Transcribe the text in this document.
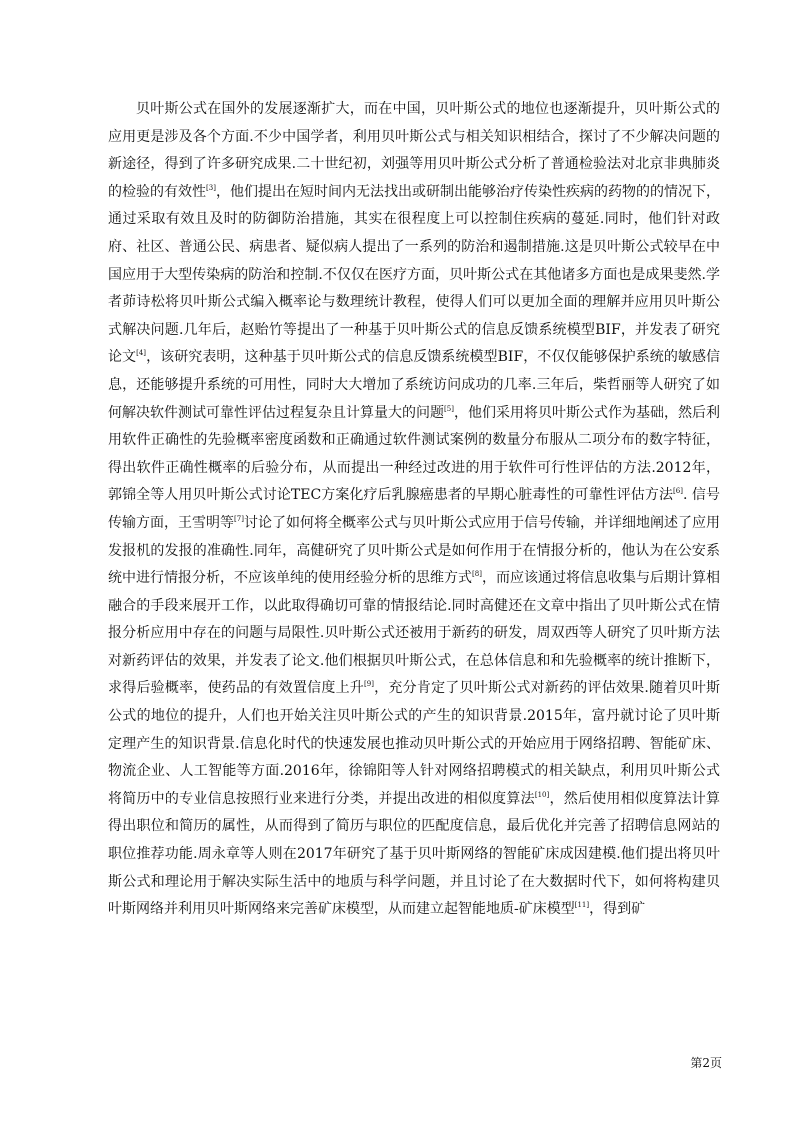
贝叶斯公式在国外的发展逐渐扩大，而在中国，贝叶斯公式的地位也逐渐提升，贝叶斯公式的应用更是涉及各个方面.不少中国学者，利用贝叶斯公式与相关知识相结合，探讨了不少解决问题的新途径，得到了许多研究成果.二十世纪初，刘强等用贝叶斯公式分析了普通检验法对北京非典肺炎的检验的有效性[3]，他们提出在短时间内无法找出或研制出能够治疗传染性疾病的药物的的情况下，通过采取有效且及时的防御防治措施，其实在很程度上可以控制住疾病的蔓延.同时，他们针对政府、社区、普通公民、病患者、疑似病人提出了一系列的防治和遏制措施.这是贝叶斯公式较早在中国应用于大型传染病的防治和控制.不仅仅在医疗方面，贝叶斯公式在其他诸多方面也是成果斐然.学者茆诗松将贝叶斯公式编入概率论与数理统计教程，使得人们可以更加全面的理解并应用贝叶斯公式解决问题.几年后，赵贻竹等提出了一种基于贝叶斯公式的信息反馈系统模型BIF，并发表了研究论文[4]，该研究表明，这种基于贝叶斯公式的信息反馈系统模型BIF，不仅仅能够保护系统的敏感信息，还能够提升系统的可用性，同时大大增加了系统访问成功的几率.三年后，柴哲丽等人研究了如何解决软件测试可靠性评估过程复杂且计算量大的问题[5]，他们采用将贝叶斯公式作为基础，然后利用软件正确性的先验概率密度函数和正确通过软件测试案例的数量分布服从二项分布的数字特征，得出软件正确性概率的后验分布，从而提出一种经过改进的用于软件可行性评估的方法.2012年，郭锦全等人用贝叶斯公式讨论TEC方案化疗后乳腺癌患者的早期心脏毒性的可靠性评估方法[6]. 信号传输方面，王雪明等[7]讨论了如何将全概率公式与贝叶斯公式应用于信号传输，并详细地阐述了应用发报机的发报的准确性.同年，高健研究了贝叶斯公式是如何作用于在情报分析的，他认为在公安系统中进行情报分析，不应该单纯的使用经验分析的思维方式[8]，而应该通过将信息收集与后期计算相融合的手段来展开工作，以此取得确切可靠的情报结论.同时高健还在文章中指出了贝叶斯公式在情报分析应用中存在的问题与局限性.贝叶斯公式还被用于新药的研发，周双西等人研究了贝叶斯方法对新药评估的效果，并发表了论文.他们根据贝叶斯公式，在总体信息和和先验概率的统计推断下，求得后验概率，使药品的有效置信度上升[9]，充分肯定了贝叶斯公式对新药的评估效果.随着贝叶斯公式的地位的提升，人们也开始关注贝叶斯公式的产生的知识背景.2015年，富丹就讨论了贝叶斯定理产生的知识背景.信息化时代的快速发展也推动贝叶斯公式的开始应用于网络招聘、智能矿床、物流企业、人工智能等方面.2016年，徐锦阳等人针对网络招聘模式的相关缺点，利用贝叶斯公式将简历中的专业信息按照行业来进行分类，并提出改进的相似度算法[10]，然后使用相似度算法计算得出职位和简历的属性，从而得到了简历与职位的匹配度信息，最后优化并完善了招聘信息网站的职位推荐功能.周永章等人则在2017年研究了基于贝叶斯网络的智能矿床成因建模.他们提出将贝叶斯公式和理论用于解决实际生活中的地质与科学问题，并且讨论了在大数据时代下，如何将构建贝叶斯网络并利用贝叶斯网络来完善矿床模型，从而建立起智能地质-矿床模型[11]，得到矿

第2页
